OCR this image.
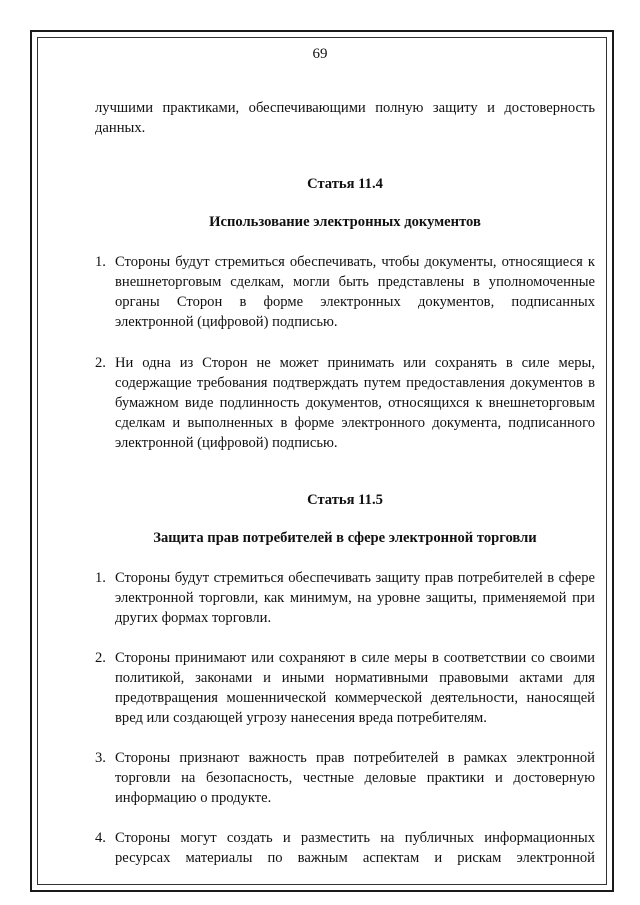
69

лучшими практиками, обеспечивающими полную защиту и достоверность данных.

Статья 11.4

Использование электронных документов

1. Стороны будут стремиться обеспечивать, чтобы документы, относящиеся к внешнеторговым сделкам, могли быть представлены в уполномоченные органы Сторон в форме электронных документов, подписанных электронной (цифровой) подписью.

2. Ни одна из Сторон не может принимать или сохранять в силе меры, содержащие требования подтверждать путем предоставления документов в бумажном виде подлинность документов, относящихся к внешнеторговым сделкам и выполненных в форме электронного документа, подписанного электронной (цифровой) подписью.

Статья 11.5

Защита прав потребителей в сфере электронной торговли

1. Стороны будут стремиться обеспечивать защиту прав потребителей в сфере электронной торговли, как минимум, на уровне защиты, применяемой при других формах торговли.

2. Стороны принимают или сохраняют в силе меры в соответствии со своими политикой, законами и иными нормативными правовыми актами для предотвращения мошеннической коммерческой деятельности, наносящей вред или создающей угрозу нанесения вреда потребителям.

3. Стороны признают важность прав потребителей в рамках электронной торговли на безопасность, честные деловые практики и достоверную информацию о продукте.

4. Стороны могут создать и разместить на публичных информационных ресурсах материалы по важным аспектам и рискам электронной
